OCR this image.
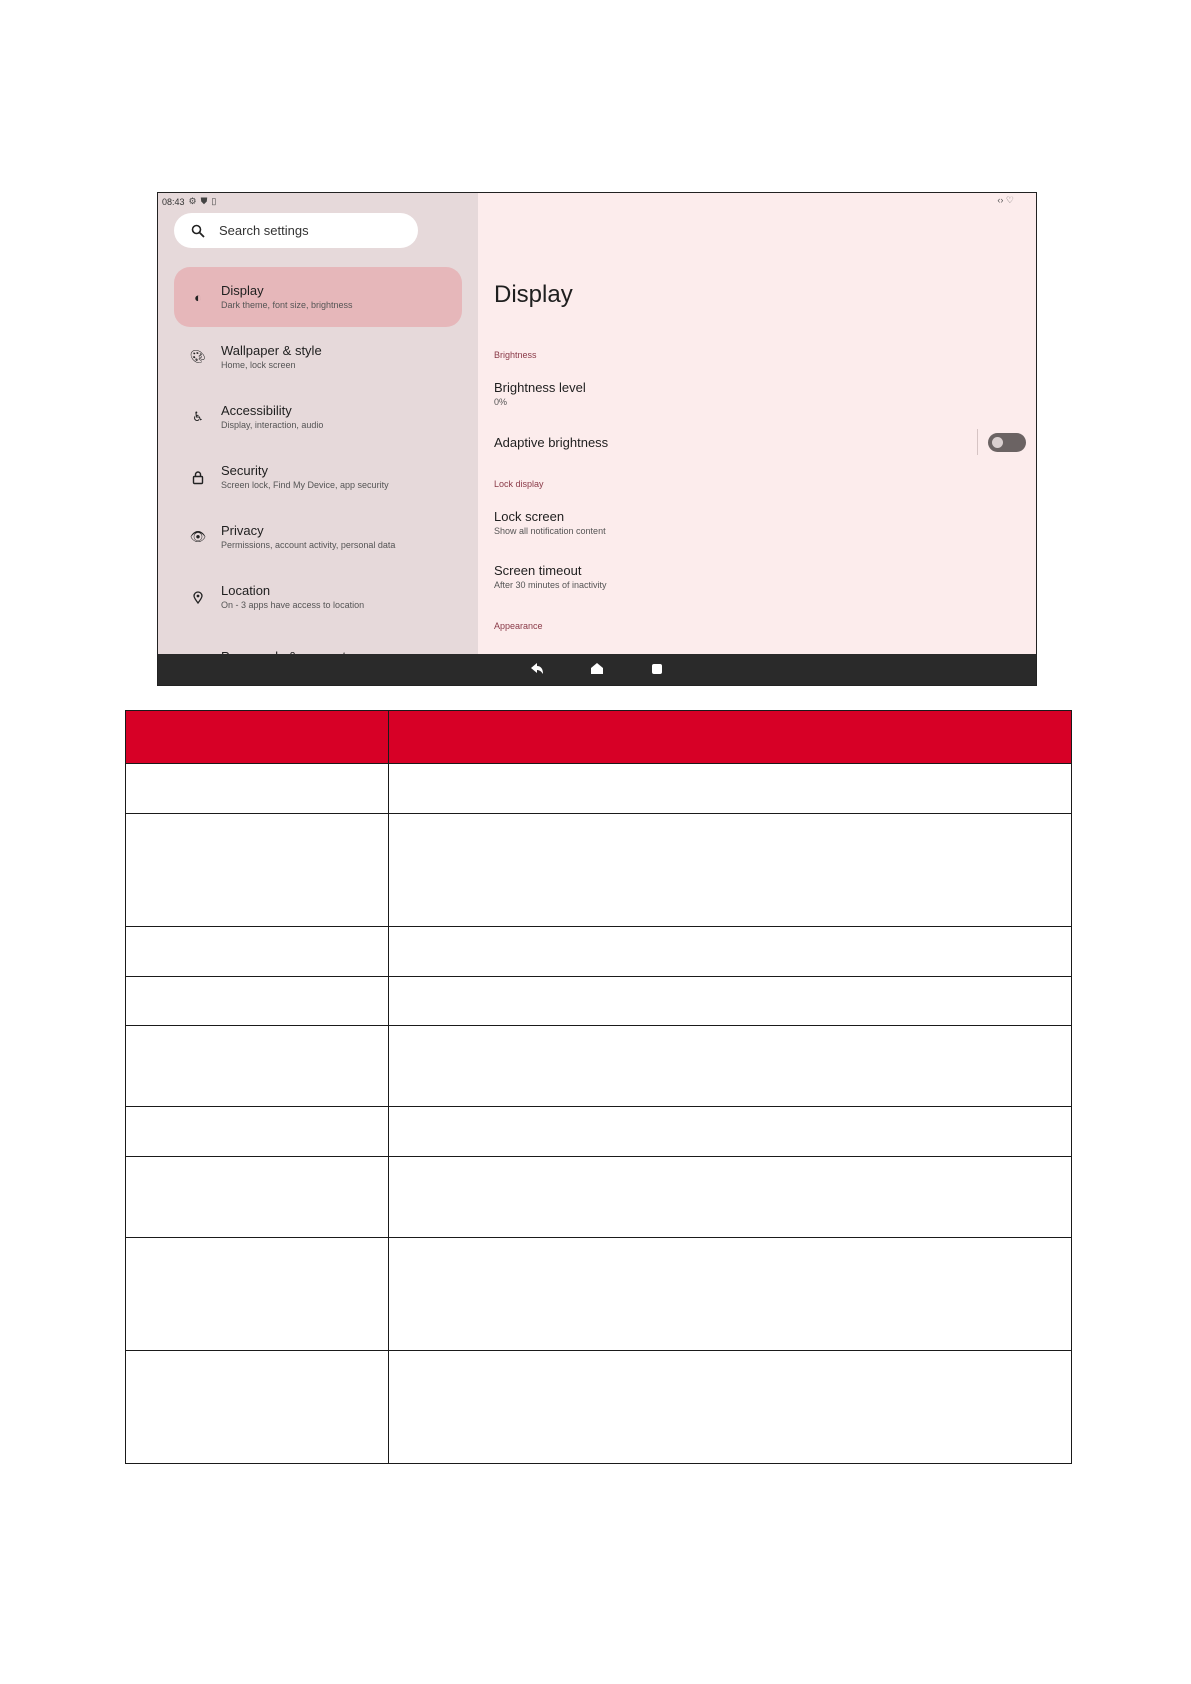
08:43 ⚙ ⛊ ▯
Search settings
◐ Display
Dark theme, font size, brightness
🎨︎ Wallpaper & style
Home, lock screen
♿︎ Accessibility
Display, interaction, audio
Security
Screen lock, Find My Device, app security
👁︎ Privacy
Permissions, account activity, personal data
Location
On - 3 apps have access to location
‹› ♡
Display
Brightness
Brightness level
0%
Adaptive brightness
Lock display
Lock screen
Show all notification content
Screen timeout
After 30 minutes of inactivity
Appearance
